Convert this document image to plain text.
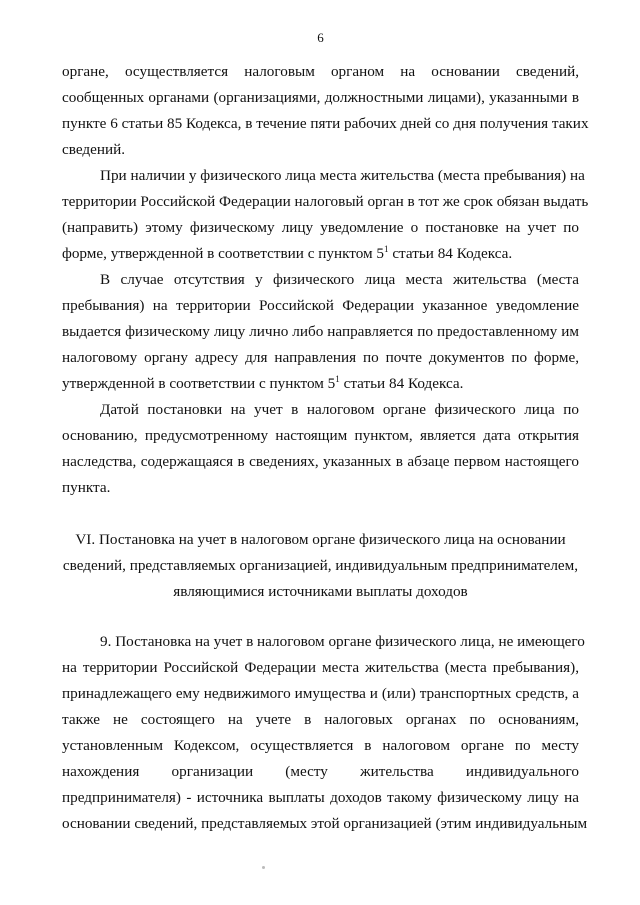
6
органе, осуществляется налоговым органом на основании сведений,
сообщенных органами (организациями, должностными лицами), указанными в
пункте 6 статьи 85 Кодекса, в течение пяти рабочих дней со дня получения таких
сведений.
При наличии у физического лица места жительства (места пребывания) на
территории Российской Федерации налоговый орган в тот же срок обязан выдать
(направить) этому физическому лицу уведомление о постановке на учет по
форме, утвержденной в соответствии с пунктом $5^1$ статьи 84 Кодекса.
В случае отсутствия у физического лица места жительства (места
пребывания) на территории Российской Федерации указанное уведомление
выдается физическому лицу лично либо направляется по предоставленному им
налоговому органу адресу для направления по почте документов по форме,
утвержденной в соответствии с пунктом $5^1$ статьи 84 Кодекса.
Датой постановки на учет в налоговом органе физического лица по
основанию, предусмотренному настоящим пунктом, является дата открытия
наследства, содержащаяся в сведениях, указанных в абзаце первом настоящего
пункта.
VI. Постановка на учет в налоговом органе физического лица на основании
сведений, представляемых организацией, индивидуальным предпринимателем,
являющимися источниками выплаты доходов
9. Постановка на учет в налоговом органе физического лица, не имеющего
на территории Российской Федерации места жительства (места пребывания),
принадлежащего ему недвижимого имущества и (или) транспортных средств, а
также не состоящего на учете в налоговых органах по основаниям,
установленным Кодексом, осуществляется в налоговом органе по месту
нахождения организации (месту жительства индивидуального
предпринимателя) - источника выплаты доходов такому физическому лицу на
основании сведений, представляемых этой организацией (этим индивидуальным
